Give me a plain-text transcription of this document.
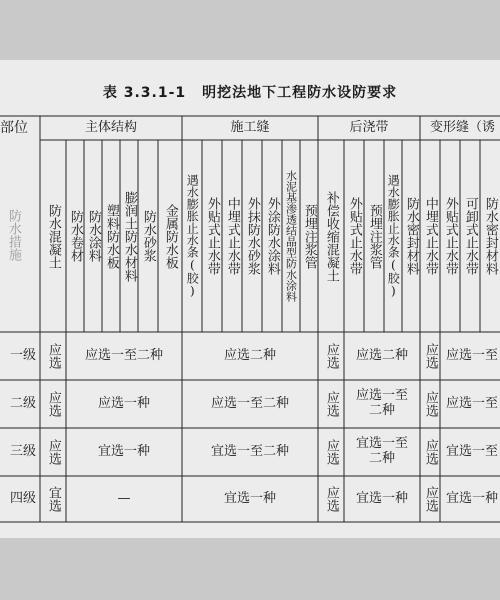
表 3.3.1-1 明挖法地下工程防水设防要求
部位
防水措施
主体结构	施工缝	后浇带	变形缝（诱
防水混凝土 防水卷材 防水涂料 塑料防水板 膨润土防水材料 防水砂浆 金属防水板 遇水膨胀止水条(胶) 外贴式止水带 中埋式止水带 外抹防水砂浆 外涂防水涂料 水泥基渗透结晶型防水涂料 预埋注浆管 补偿收缩混凝土 外贴式止水带 预埋注浆管 遇水膨胀止水条(胶) 防水密封材料 中埋式止水带 外贴式止水带 可卸式止水带 防水密封材料
一级 应选	应选一至二种	应选二种	应选	应选二种	应选 应选一至
二级 应选	应选一种	应选一至二种	应选	应选一至二种	应选 应选一至
三级 应选	宜选一种	宜选一至二种	应选	宜选一至二种	应选 宜选一至
四级 宜选	—	宜选一种	应选	宜选一种	应选 宜选一种
